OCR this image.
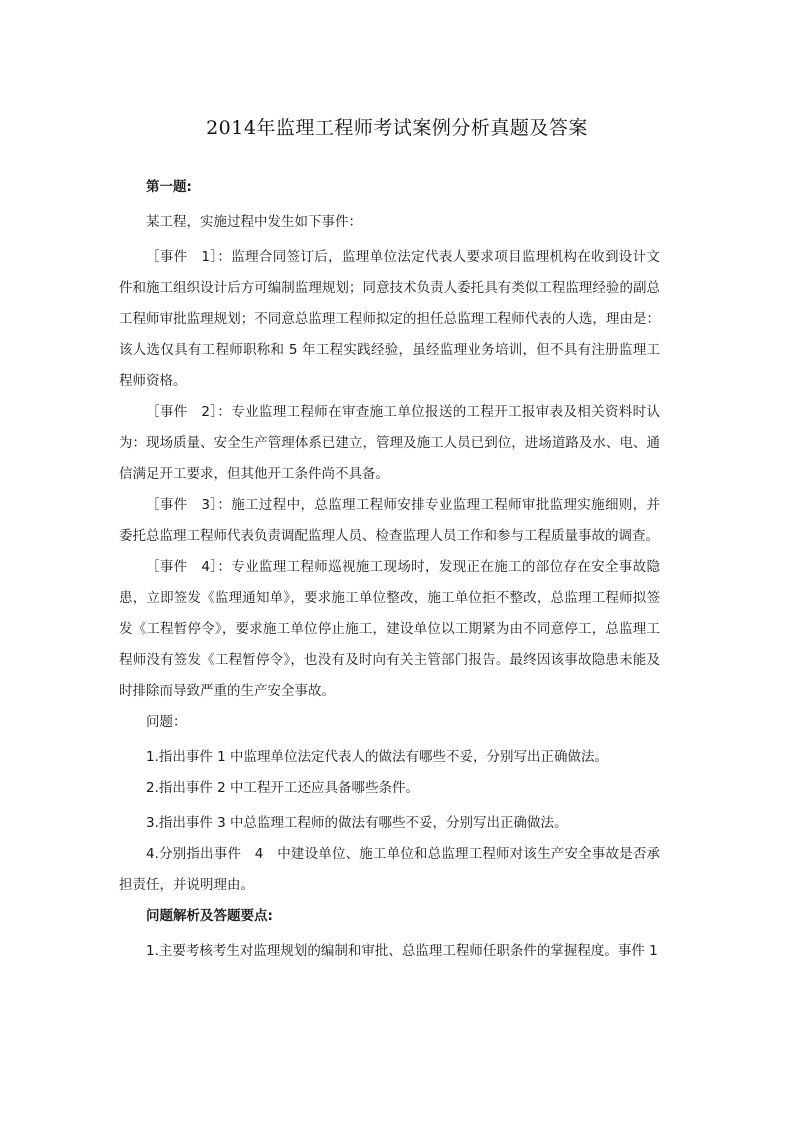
2014年监理工程师考试案例分析真题及答案

第一题:

某工程，实施过程中发生如下事件：

［事件　1］：监理合同签订后，监理单位法定代表人要求项目监理机构在收到设计文件和施工组织设计后方可编制监理规划；同意技术负责人委托具有类似工程监理经验的副总工程师审批监理规划；不同意总监理工程师拟定的担任总监理工程师代表的人选，理由是：该人选仅具有工程师职称和 5 年工程实践经验，虽经监理业务培训，但不具有注册监理工程师资格。

［事件　2］：专业监理工程师在审查施工单位报送的工程开工报审表及相关资料时认为：现场质量、安全生产管理体系已建立，管理及施工人员已到位，进场道路及水、电、通信满足开工要求，但其他开工条件尚不具备。

［事件　3］：施工过程中，总监理工程师安排专业监理工程师审批监理实施细则，并委托总监理工程师代表负责调配监理人员、检查监理人员工作和参与工程质量事故的调查。

［事件　4］：专业监理工程师巡视施工现场时，发现正在施工的部位存在安全事故隐患，立即签发《监理通知单》，要求施工单位整改，施工单位拒不整改，总监理工程师拟签发《工程暂停令》，要求施工单位停止施工，建设单位以工期紧为由不同意停工，总监理工程师没有签发《工程暂停令》，也没有及时向有关主管部门报告。最终因该事故隐患未能及时排除而导致严重的生产安全事故。

问题：

1.指出事件 1 中监理单位法定代表人的做法有哪些不妥，分别写出正确做法。

2.指出事件 2 中工程开工还应具备哪些条件。

3.指出事件 3 中总监理工程师的做法有哪些不妥，分别写出正确做法。

4.分别指出事件　4　中建设单位、施工单位和总监理工程师对该生产安全事故是否承担责任，并说明理由。

问题解析及答题要点:

1.主要考核考生对监理规划的编制和审批、总监理工程师任职条件的掌握程度。事件 1
